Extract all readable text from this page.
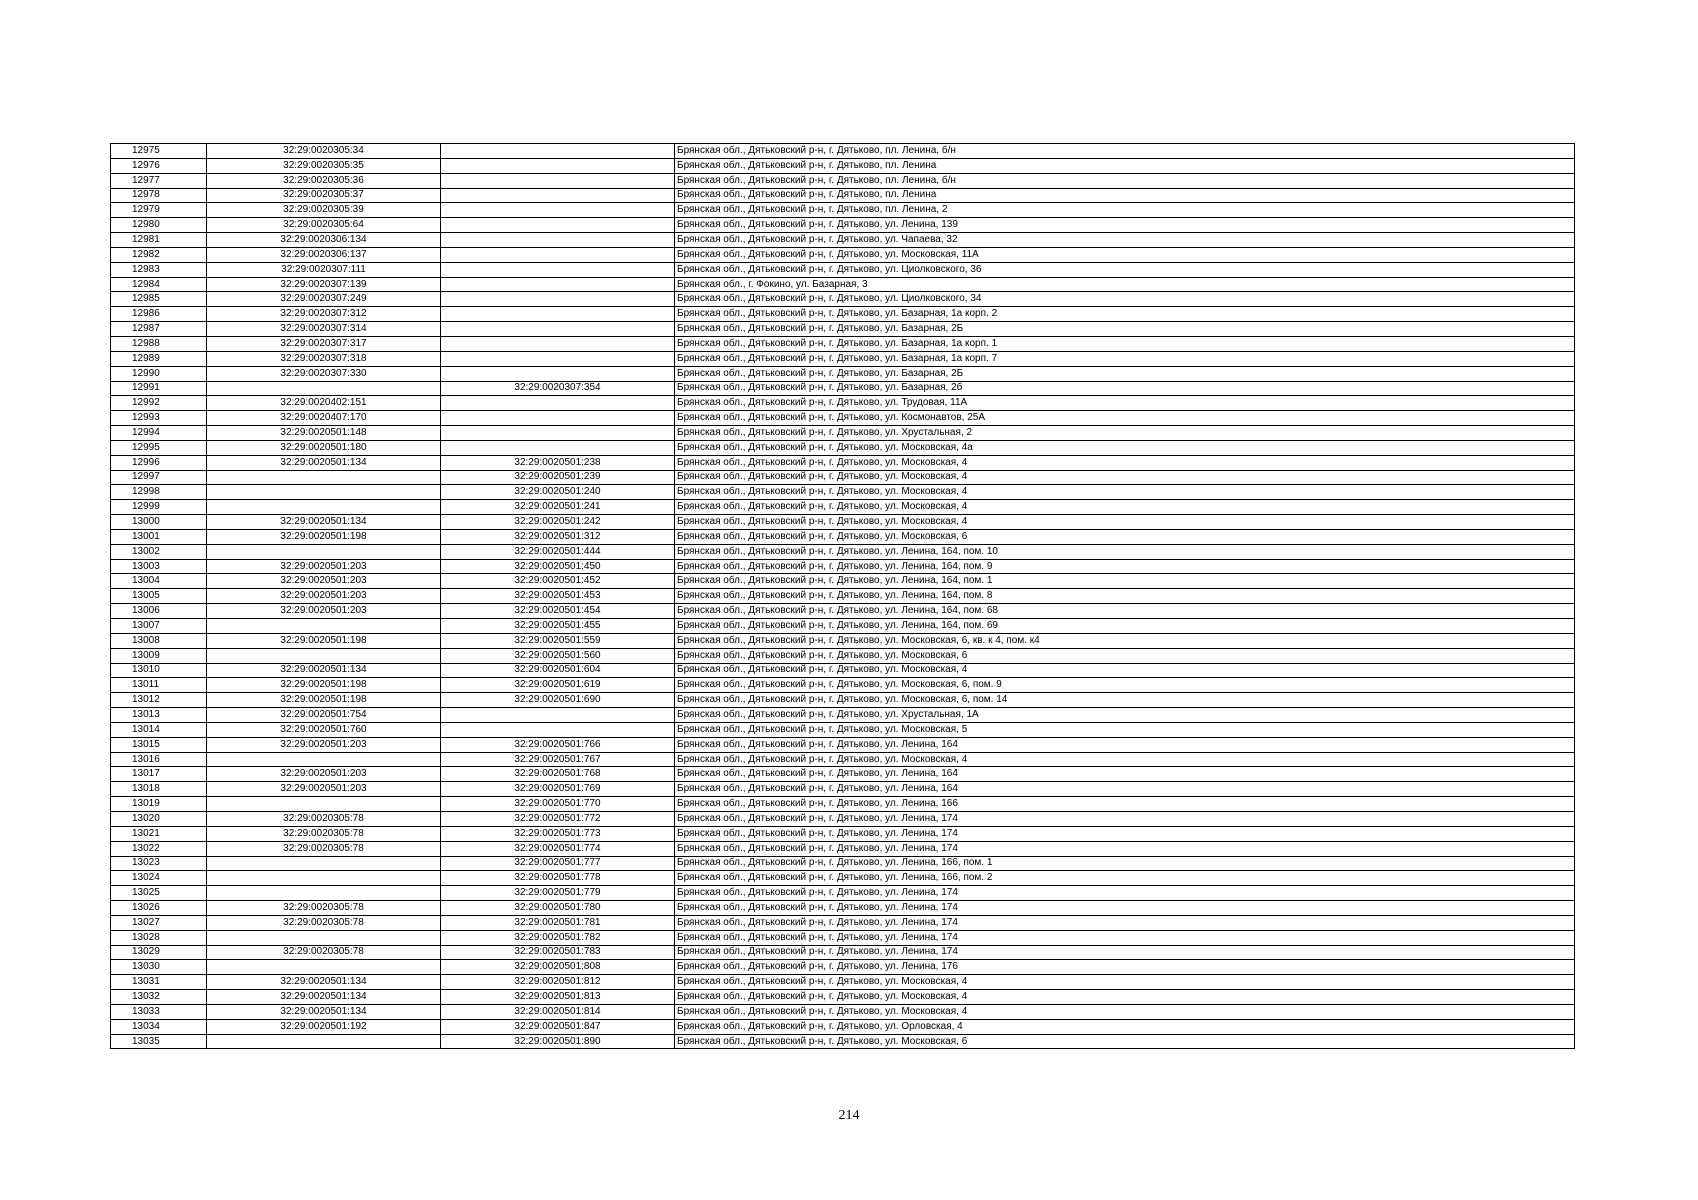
12975	32:29:0020305:34		Брянская обл., Дятьковский р-н, г. Дятьково, пл. Ленина, б/н
12976	32:29:0020305:35		Брянская обл., Дятьковский р-н, г. Дятьково, пл. Ленина
12977	32:29:0020305:36		Брянская обл., Дятьковский р-н, г. Дятьково, пл. Ленина, б/н
12978	32:29:0020305:37		Брянская обл., Дятьковский р-н, г. Дятьково, пл. Ленина
12979	32:29:0020305:39		Брянская обл., Дятьковский р-н, г. Дятьково, пл. Ленина, 2
12980	32:29:0020305:64		Брянская обл., Дятьковский р-н, г. Дятьково, ул. Ленина, 139
12981	32:29:0020306:134		Брянская обл., Дятьковский р-н, г. Дятьково, ул. Чапаева, 32
12982	32:29:0020306:137		Брянская обл., Дятьковский р-н, г. Дятьково, ул. Московская, 11А
12983	32:29:0020307:111		Брянская обл., Дятьковский р-н, г. Дятьково, ул. Циолковского, 36
12984	32:29:0020307:139		Брянская обл., г. Фокино, ул. Базарная, 3
12985	32:29:0020307:249		Брянская обл., Дятьковский р-н, г. Дятьково, ул. Циолковского, 34
12986	32:29:0020307:312		Брянская обл., Дятьковский р-н, г. Дятьково, ул. Базарная, 1а корп. 2
12987	32:29:0020307:314		Брянская обл., Дятьковский р-н, г. Дятьково, ул. Базарная, 2Б
12988	32:29:0020307:317		Брянская обл., Дятьковский р-н, г. Дятьково, ул. Базарная, 1а корп. 1
12989	32:29:0020307:318		Брянская обл., Дятьковский р-н, г. Дятьково, ул. Базарная, 1а корп. 7
12990	32:29:0020307:330		Брянская обл., Дятьковский р-н, г. Дятьково, ул. Базарная, 2Б
12991		32:29:0020307:354	Брянская обл., Дятьковский р-н, г. Дятьково, ул. Базарная, 2б
12992	32:29:0020402:151		Брянская обл., Дятьковский р-н, г. Дятьково, ул. Трудовая, 11А
12993	32:29:0020407:170		Брянская обл., Дятьковский р-н, г. Дятьково, ул. Космонавтов, 25А
12994	32:29:0020501:148		Брянская обл., Дятьковский р-н, г. Дятьково, ул. Хрустальная, 2
12995	32:29:0020501:180		Брянская обл., Дятьковский р-н, г. Дятьково, ул. Московская, 4а
12996	32:29:0020501:134	32:29:0020501:238	Брянская обл., Дятьковский р-н, г. Дятьково, ул. Московская, 4
12997		32:29:0020501:239	Брянская обл., Дятьковский р-н, г. Дятьково, ул. Московская, 4
12998		32:29:0020501:240	Брянская обл., Дятьковский р-н, г. Дятьково, ул. Московская, 4
12999		32:29:0020501:241	Брянская обл., Дятьковский р-н, г. Дятьково, ул. Московская, 4
13000	32:29:0020501:134	32:29:0020501:242	Брянская обл., Дятьковский р-н, г. Дятьково, ул. Московская, 4
13001	32:29:0020501:198	32:29:0020501:312	Брянская обл., Дятьковский р-н, г. Дятьково, ул. Московская, 6
13002		32:29:0020501:444	Брянская обл., Дятьковский р-н, г. Дятьково, ул. Ленина, 164, пом. 10
13003	32:29:0020501:203	32:29:0020501:450	Брянская обл., Дятьковский р-н, г. Дятьково, ул. Ленина, 164, пом. 9
13004	32:29:0020501:203	32:29:0020501:452	Брянская обл., Дятьковский р-н, г. Дятьково, ул. Ленина, 164, пом. 1
13005	32:29:0020501:203	32:29:0020501:453	Брянская обл., Дятьковский р-н, г. Дятьково, ул. Ленина, 164, пом. 8
13006	32:29:0020501:203	32:29:0020501:454	Брянская обл., Дятьковский р-н, г. Дятьково, ул. Ленина, 164, пом. 68
13007		32:29:0020501:455	Брянская обл., Дятьковский р-н, г. Дятьково, ул. Ленина, 164, пом. 69
13008	32:29:0020501:198	32:29:0020501:559	Брянская обл., Дятьковский р-н, г. Дятьково, ул. Московская, 6, кв. к 4, пом. к4
13009		32:29:0020501:560	Брянская обл., Дятьковский р-н, г. Дятьково, ул. Московская, 6
13010	32:29:0020501:134	32:29:0020501:604	Брянская обл., Дятьковский р-н, г. Дятьково, ул. Московская, 4
13011	32:29:0020501:198	32:29:0020501:619	Брянская обл., Дятьковский р-н, г. Дятьково, ул. Московская, 6, пом. 9
13012	32:29:0020501:198	32:29:0020501:690	Брянская обл., Дятьковский р-н, г. Дятьково, ул. Московская, 6, пом. 14
13013	32:29:0020501:754		Брянская обл., Дятьковский р-н, г. Дятьково, ул. Хрустальная, 1А
13014	32:29:0020501:760		Брянская обл., Дятьковский р-н, г. Дятьково, ул. Московская, 5
13015	32:29:0020501:203	32:29:0020501:766	Брянская обл., Дятьковский р-н, г. Дятьково, ул. Ленина, 164
13016		32:29:0020501:767	Брянская обл., Дятьковский р-н, г. Дятьково, ул. Московская, 4
13017	32:29:0020501:203	32:29:0020501:768	Брянская обл., Дятьковский р-н, г. Дятьково, ул. Ленина, 164
13018	32:29:0020501:203	32:29:0020501:769	Брянская обл., Дятьковский р-н, г. Дятьково, ул. Ленина, 164
13019		32:29:0020501:770	Брянская обл., Дятьковский р-н, г. Дятьково, ул. Ленина, 166
13020	32:29:0020305:78	32:29:0020501:772	Брянская обл., Дятьковский р-н, г. Дятьково, ул. Ленина, 174
13021	32:29:0020305:78	32:29:0020501:773	Брянская обл., Дятьковский р-н, г. Дятьково, ул. Ленина, 174
13022	32:29:0020305:78	32:29:0020501:774	Брянская обл., Дятьковский р-н, г. Дятьково, ул. Ленина, 174
13023		32:29:0020501:777	Брянская обл., Дятьковский р-н, г. Дятьково, ул. Ленина, 166, пом. 1
13024		32:29:0020501:778	Брянская обл., Дятьковский р-н, г. Дятьково, ул. Ленина, 166, пом. 2
13025		32:29:0020501:779	Брянская обл., Дятьковский р-н, г. Дятьково, ул. Ленина, 174
13026	32:29:0020305:78	32:29:0020501:780	Брянская обл., Дятьковский р-н, г. Дятьково, ул. Ленина, 174
13027	32:29:0020305:78	32:29:0020501:781	Брянская обл., Дятьковский р-н, г. Дятьково, ул. Ленина, 174
13028		32:29:0020501:782	Брянская обл., Дятьковский р-н, г. Дятьково, ул. Ленина, 174
13029	32:29:0020305:78	32:29:0020501:783	Брянская обл., Дятьковский р-н, г. Дятьково, ул. Ленина, 174
13030		32:29:0020501:808	Брянская обл., Дятьковский р-н, г. Дятьково, ул. Ленина, 176
13031	32:29:0020501:134	32:29:0020501:812	Брянская обл., Дятьковский р-н, г. Дятьково, ул. Московская, 4
13032	32:29:0020501:134	32:29:0020501:813	Брянская обл., Дятьковский р-н, г. Дятьково, ул. Московская, 4
13033	32:29:0020501:134	32:29:0020501:814	Брянская обл., Дятьковский р-н, г. Дятьково, ул. Московская, 4
13034	32:29:0020501:192	32:29:0020501:847	Брянская обл., Дятьковский р-н, г. Дятьково, ул. Орловская, 4
13035		32:29:0020501:890	Брянская обл., Дятьковский р-н, г. Дятьково, ул. Московская, 6
214
